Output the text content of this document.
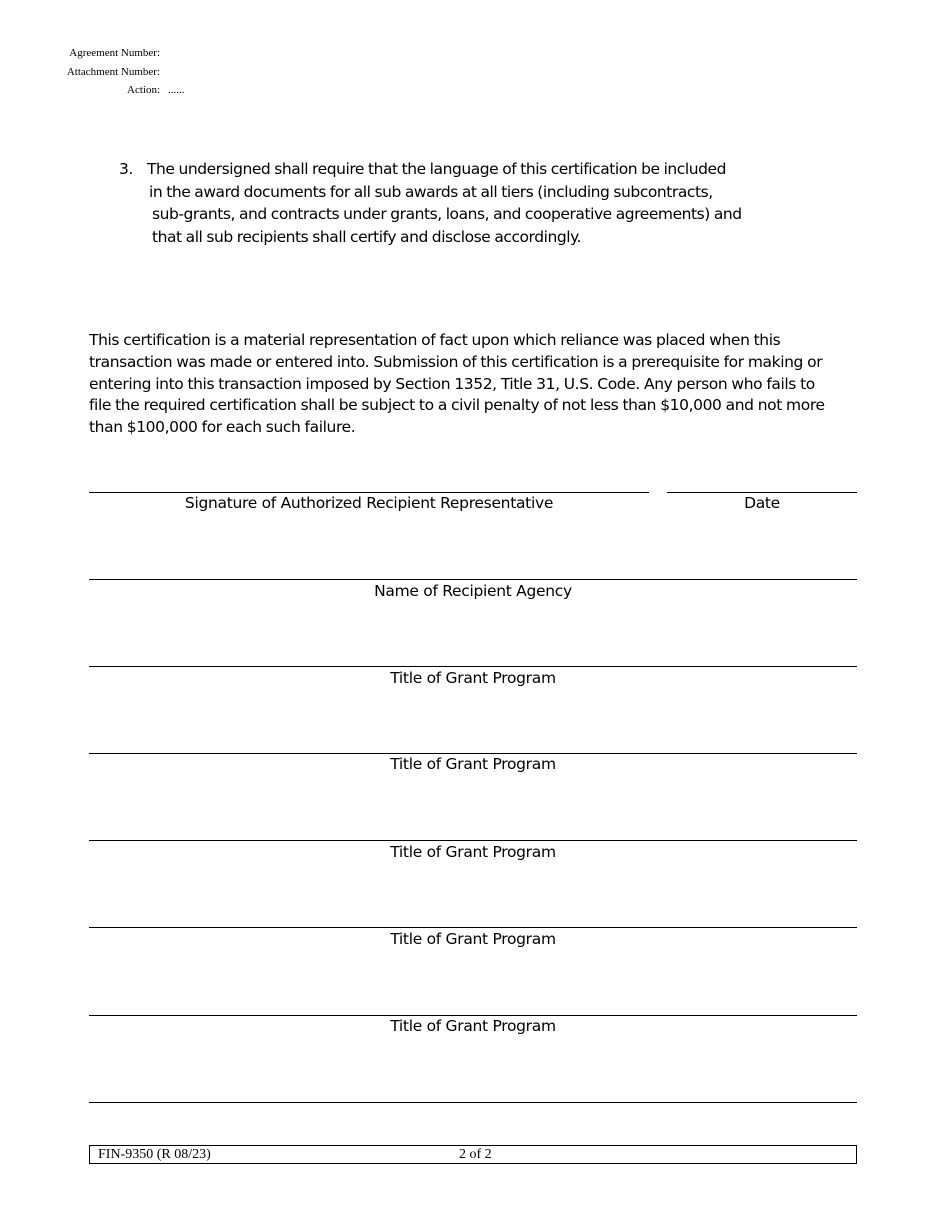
Agreement Number:
Attachment Number:
Action: ......
3. The undersigned shall require that the language of this certification be included
in the award documents for all sub awards at all tiers (including subcontracts,
sub-grants, and contracts under grants, loans, and cooperative agreements) and
that all sub recipients shall certify and disclose accordingly.
This certification is a material representation of fact upon which reliance was placed when this
transaction was made or entered into. Submission of this certification is a prerequisite for making or
entering into this transaction imposed by Section 1352, Title 31, U.S. Code. Any person who fails to
file the required certification shall be subject to a civil penalty of not less than $10,000 and not more
than $100,000 for each such failure.
Signature of Authorized Recipient Representative	Date
Name of Recipient Agency
Title of Grant Program
Title of Grant Program
Title of Grant Program
Title of Grant Program
Title of Grant Program
FIN-9350 (R 08/23)	2 of 2
